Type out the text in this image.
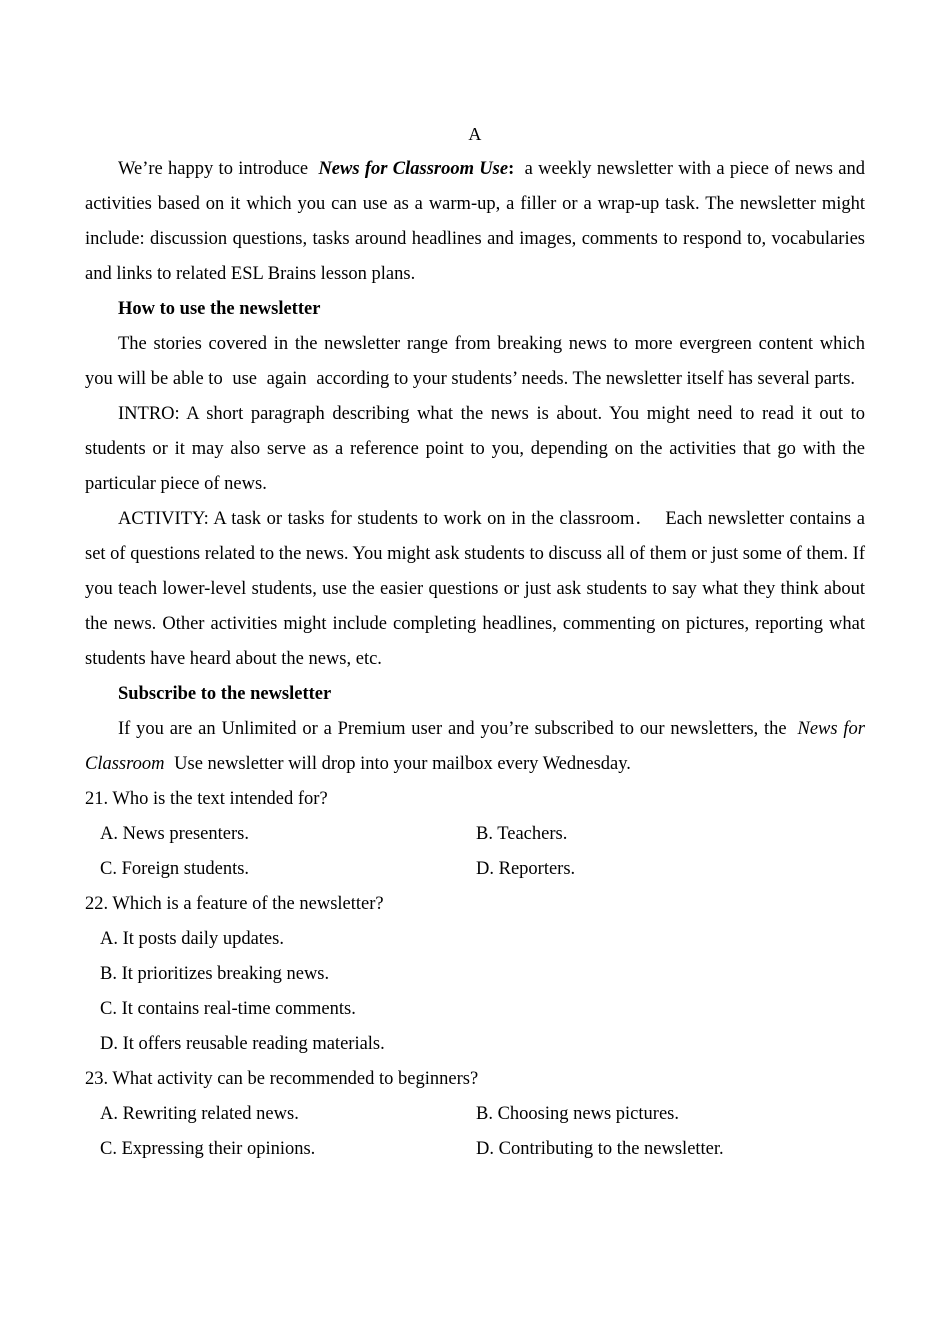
A

We’re happy to introduce News for Classroom Use: a weekly newsletter with a piece of news and activities based on it which you can use as a warm-up, a filler or a wrap-up task. The newsletter might include: discussion questions, tasks around headlines and images, comments to respond to, vocabularies and links to related ESL Brains lesson plans.

How to use the newsletter

The stories covered in the newsletter range from breaking news to more evergreen content which you will be able to use again according to your students’ needs. The newsletter itself has several parts.

INTRO: A short paragraph describing what the news is about. You might need to read it out to students or it may also serve as a reference point to you, depending on the activities that go with the particular piece of news.

ACTIVITY: A task or tasks for students to work on in the classroom． Each newsletter contains a set of questions related to the news. You might ask students to discuss all of them or just some of them. If you teach lower-level students, use the easier questions or just ask students to say what they think about the news. Other activities might include completing headlines, commenting on pictures, reporting what students have heard about the news, etc.

Subscribe to the newsletter

If you are an Unlimited or a Premium user and you’re subscribed to our newsletters, the News for Classroom Use newsletter will drop into your mailbox every Wednesday.

21. Who is the text intended for?

A. News presenters.	B. Teachers.
C. Foreign students.	D. Reporters.

22. Which is a feature of the newsletter?

A. It posts daily updates.
B. It prioritizes breaking news.
C. It contains real-time comments.
D. It offers reusable reading materials.

23. What activity can be recommended to beginners?

A. Rewriting related news.	B. Choosing news pictures.
C. Expressing their opinions.	D. Contributing to the newsletter.
